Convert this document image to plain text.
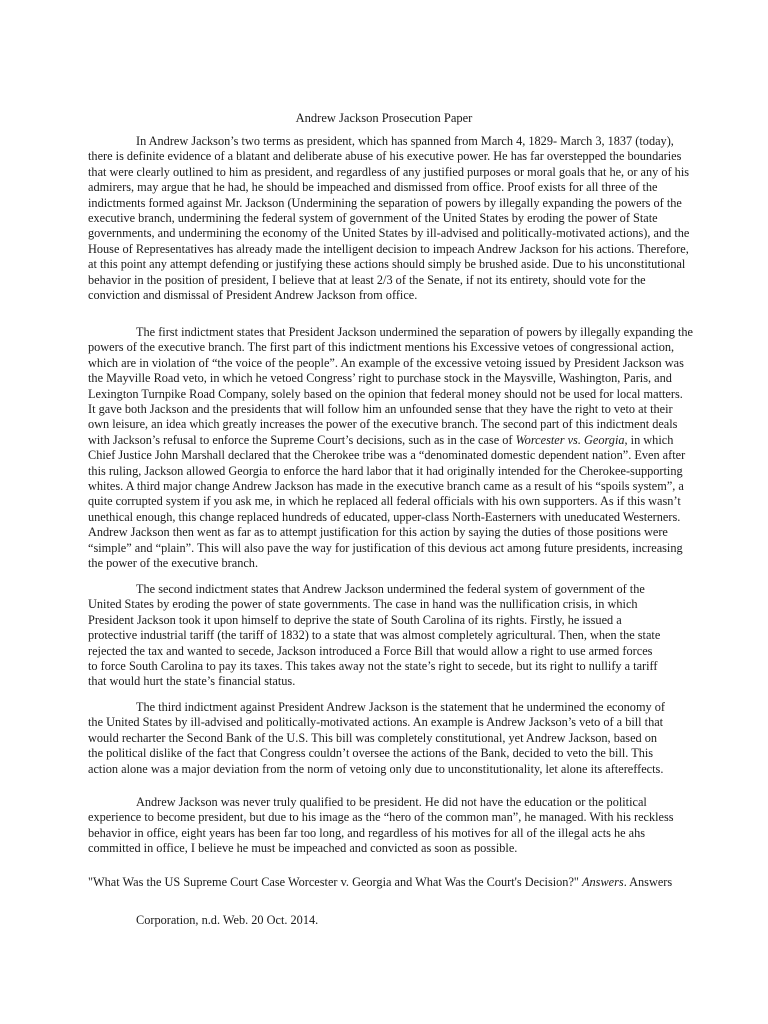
Andrew Jackson Prosecution Paper
In Andrew Jackson’s two terms as president, which has spanned from March 4, 1829- March 3, 1837 (today),
there is definite evidence of a blatant and deliberate abuse of his executive power. He has far overstepped the boundaries
that were clearly outlined to him as president, and regardless of any justified purposes or moral goals that he, or any of his
admirers, may argue that he had, he should be impeached and dismissed from office. Proof exists for all three of the
indictments formed against Mr. Jackson (Undermining the separation of powers by illegally expanding the powers of the
executive branch, undermining the federal system of government of the United States by eroding the power of State
governments, and undermining the economy of the United States by ill-advised and politically-motivated actions), and the
House of Representatives has already made the intelligent decision to impeach Andrew Jackson for his actions. Therefore,
at this point any attempt defending or justifying these actions should simply be brushed aside. Due to his unconstitutional
behavior in the position of president, I believe that at least 2/3 of the Senate, if not its entirety, should vote for the
conviction and dismissal of President Andrew Jackson from office.
The first indictment states that President Jackson undermined the separation of powers by illegally expanding the
powers of the executive branch. The first part of this indictment mentions his Excessive vetoes of congressional action,
which are in violation of “the voice of the people”. An example of the excessive vetoing issued by President Jackson was
the Mayville Road veto, in which he vetoed Congress’ right to purchase stock in the Maysville, Washington, Paris, and
Lexington Turnpike Road Company, solely based on the opinion that federal money should not be used for local matters.
It gave both Jackson and the presidents that will follow him an unfounded sense that they have the right to veto at their
own leisure, an idea which greatly increases the power of the executive branch. The second part of this indictment deals
with Jackson’s refusal to enforce the Supreme Court’s decisions, such as in the case of Worcester vs. Georgia, in which
Chief Justice John Marshall declared that the Cherokee tribe was a “denominated domestic dependent nation”. Even after
this ruling, Jackson allowed Georgia to enforce the hard labor that it had originally intended for the Cherokee-supporting
whites. A third major change Andrew Jackson has made in the executive branch came as a result of his “spoils system”, a
quite corrupted system if you ask me, in which he replaced all federal officials with his own supporters. As if this wasn’t
unethical enough, this change replaced hundreds of educated, upper-class North-Easterners with uneducated Westerners.
Andrew Jackson then went as far as to attempt justification for this action by saying the duties of those positions were
“simple” and “plain”. This will also pave the way for justification of this devious act among future presidents, increasing
the power of the executive branch.
The second indictment states that Andrew Jackson undermined the federal system of government of the
United States by eroding the power of state governments. The case in hand was the nullification crisis, in which
President Jackson took it upon himself to deprive the state of South Carolina of its rights. Firstly, he issued a
protective industrial tariff (the tariff of 1832) to a state that was almost completely agricultural. Then, when the state
rejected the tax and wanted to secede, Jackson introduced a Force Bill that would allow a right to use armed forces
to force South Carolina to pay its taxes. This takes away not the state’s right to secede, but its right to nullify a tariff
that would hurt the state’s financial status.
The third indictment against President Andrew Jackson is the statement that he undermined the economy of
the United States by ill-advised and politically-motivated actions. An example is Andrew Jackson’s veto of a bill that
would recharter the Second Bank of the U.S. This bill was completely constitutional, yet Andrew Jackson, based on
the political dislike of the fact that Congress couldn’t oversee the actions of the Bank, decided to veto the bill. This
action alone was a major deviation from the norm of vetoing only due to unconstitutionality, let alone its aftereffects.
Andrew Jackson was never truly qualified to be president. He did not have the education or the political
experience to become president, but due to his image as the “hero of the common man”, he managed. With his reckless
behavior in office, eight years has been far too long, and regardless of his motives for all of the illegal acts he ahs
committed in office, I believe he must be impeached and convicted as soon as possible.
"What Was the US Supreme Court Case Worcester v. Georgia and What Was the Court's Decision?" Answers. Answers
Corporation, n.d. Web. 20 Oct. 2014.
